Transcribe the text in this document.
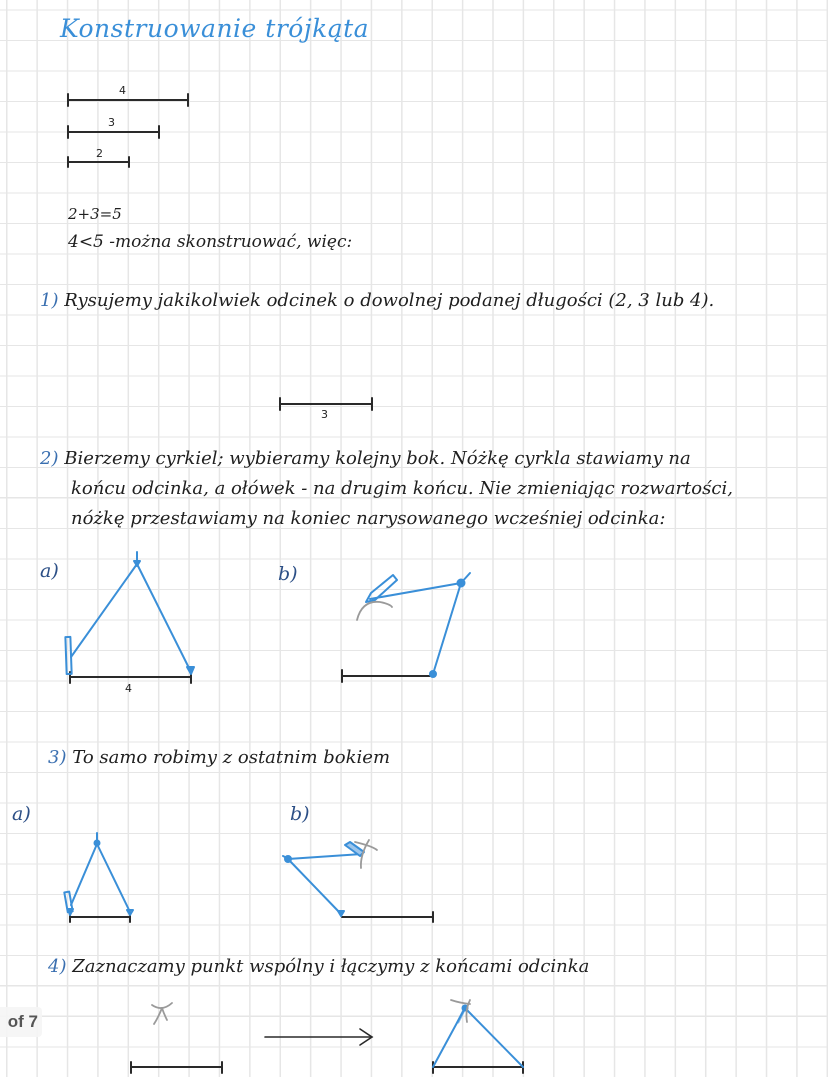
Konstruowanie trójkąta
4
3
2
2+3=5
4<5 -można skonstruować, więc:
1) Rysujemy jakikolwiek odcinek o dowolnej podanej długości (2, 3 lub 4).
3
2) Bierzemy cyrkiel; wybieramy kolejny bok. Nóżkę cyrkla stawiamy na
końcu odcinka, a ołówek - na drugim końcu. Nie zmieniając rozwartości,
nóżkę przestawiamy na koniec narysowanego wcześniej odcinka:
a)	b)
4
3) To samo robimy z ostatnim bokiem
a)	b)
4) Zaznaczamy punkt wspólny i łączymy z końcami odcinka
of 7
